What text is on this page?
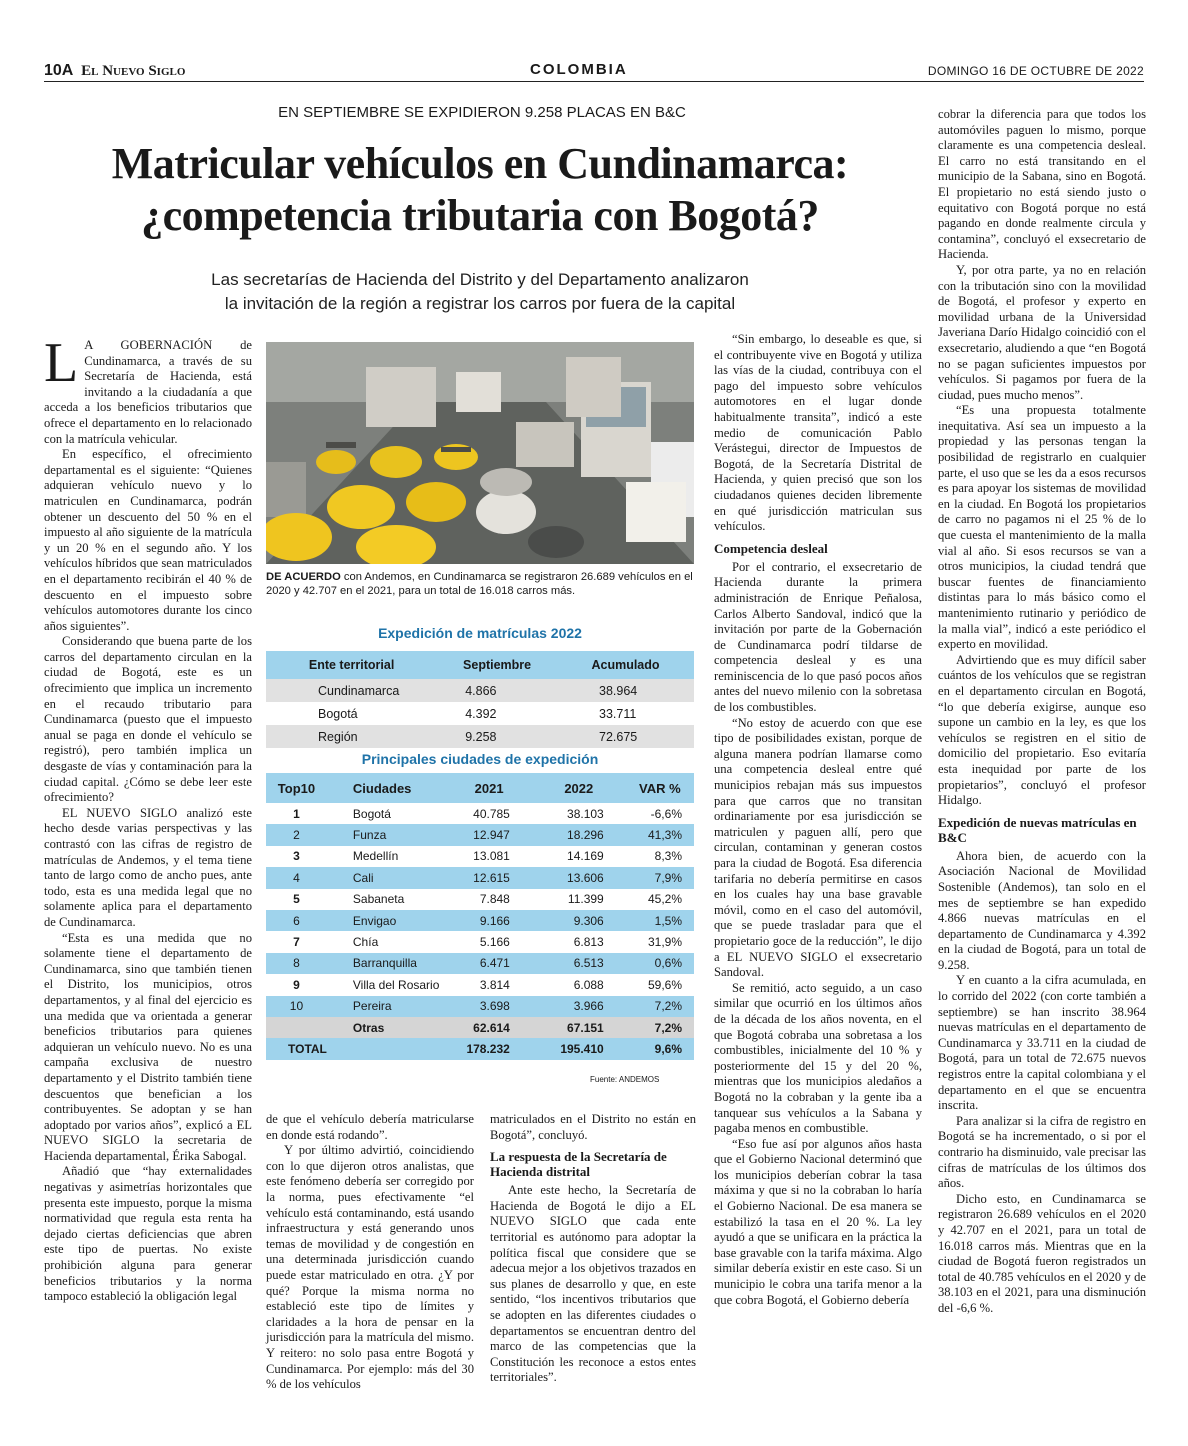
10A El Nuevo Siglo	COLOMBIA	DOMINGO 16 DE OCTUBRE DE 2022
EN SEPTIEMBRE SE EXPIDIERON 9.258 PLACAS EN B&C
Matricular vehículos en Cundinamarca:
¿competencia tributaria con Bogotá?
Las secretarías de Hacienda del Distrito y del Departamento analizaron
la invitación de la región a registrar los carros por fuera de la capital

L A GOBERNACIÓN de Cundinamarca, a través de su Secretaría de Hacienda, está invitando a la ciudadanía a que acceda a los beneficios tributarios que ofrece el departamento en lo relacionado con la matrícula vehicular.

En específico, el ofrecimiento departamental es el siguiente: “Quienes adquieran vehículo nuevo y lo matriculen en Cundinamarca, podrán obtener un descuento del 50 % en el impuesto al año siguiente de la matrícula y un 20 % en el segundo año. Y los vehículos híbridos que sean matriculados en el departamento recibirán el 40 % de descuento en el impuesto sobre vehículos automotores durante los cinco años siguientes”.

Considerando que buena parte de los carros del departamento circulan en la ciudad de Bogotá, este es un ofrecimiento que implica un incremento en el recaudo tributario para Cundinamarca (puesto que el impuesto anual se paga en donde el vehículo se registró), pero también implica un desgaste de vías y contaminación para la ciudad capital. ¿Cómo se debe leer este ofrecimiento?

EL NUEVO SIGLO analizó este hecho desde varias perspectivas y las contrastó con las cifras de registro de matrículas de Andemos, y el tema tiene tanto de largo como de ancho pues, ante todo, esta es una medida legal que no solamente aplica para el departamento de Cundinamarca.

“Esta es una medida que no solamente tiene el departamento de Cundinamarca, sino que también tienen el Distrito, los municipios, otros departamentos, y al final del ejercicio es una medida que va orientada a generar beneficios tributarios para quienes adquieran un vehículo nuevo. No es una campaña exclusiva de nuestro departamento y el Distrito también tiene descuentos que benefician a los contribuyentes. Se adoptan y se han adoptado por varios años”, explicó a EL NUEVO SIGLO la secretaria de Hacienda departamental, Érika Sabogal.

Añadió que “hay externalidades negativas y asimetrías horizontales que presenta este impuesto, porque la misma normatividad que regula esta renta ha dejado ciertas deficiencias que abren este tipo de puertas. No existe prohibición alguna para generar beneficios tributarios y la norma tampoco estableció la obligación legal

DE ACUERDO con Andemos, en Cundinamarca se registraron 26.689 vehículos en el 2020 y 42.707 en el 2021, para un total de 16.018 carros más.
Expedición de matrículas 2022
Ente territorial	Septiembre	Acumulado
Cundinamarca	4.866	38.964
Bogotá	4.392	33.711
Región	9.258	72.675
Principales ciudades de expedición
Top10	Ciudades	2021	2022	VAR %
1	Bogotá	40.785	38.103	-6,6%
2	Funza	12.947	18.296	41,3%
3	Medellín	13.081	14.169	8,3%
4	Cali	12.615	13.606	7,9%
5	Sabaneta	7.848	11.399	45,2%
6	Envigao	9.166	9.306	1,5%
7	Chía	5.166	6.813	31,9%
8	Barranquilla	6.471	6.513	0,6%
9	Villa del Rosario	3.814	6.088	59,6%
10	Pereira	3.698	3.966	7,2%
	Otras	62.614	67.151	7,2%
TOTAL		178.232	195.410	9,6%
Fuente: ANDEMOS

de que el vehículo debería matricularse en donde está rodando”.

Y por último advirtió, coincidiendo con lo que dijeron otros analistas, que este fenómeno debería ser corregido por la norma, pues efectivamente “el vehículo está contaminando, está usando infraestructura y está generando unos temas de movilidad y de congestión en una determinada jurisdicción cuando puede estar matriculado en otra. ¿Y por qué? Porque la misma norma no estableció este tipo de límites y claridades a la hora de pensar en la jurisdicción para la matrícula del mismo. Y reitero: no solo pasa entre Bogotá y Cundinamarca. Por ejemplo: más del 30 % de los vehículos

matriculados en el Distrito no están en Bogotá”, concluyó.

La respuesta de la Secretaría de Hacienda distrital

Ante este hecho, la Secretaría de Hacienda de Bogotá le dijo a EL NUEVO SIGLO que cada ente territorial es autónomo para adoptar la política fiscal que considere que se adecua mejor a los objetivos trazados en sus planes de desarrollo y que, en este sentido, “los incentivos tributarios que se adopten en las diferentes ciudades o departamentos se encuentran dentro del marco de las competencias que la Constitución les reconoce a estos entes territoriales”.

“Sin embargo, lo deseable es que, si el contribuyente vive en Bogotá y utiliza las vías de la ciudad, contribuya con el pago del impuesto sobre vehículos automotores en el lugar donde habitualmente transita”, indicó a este medio de comunicación Pablo Verástegui, director de Impuestos de Bogotá, de la Secretaría Distrital de Hacienda, y quien precisó que son los ciudadanos quienes deciden libremente en qué jurisdicción matriculan sus vehículos.

Competencia desleal

Por el contrario, el exsecretario de Hacienda durante la primera administración de Enrique Peñalosa, Carlos Alberto Sandoval, indicó que la invitación por parte de la Gobernación de Cundinamarca podrí tildarse de competencia desleal y es una reminiscencia de lo que pasó pocos años antes del nuevo milenio con la sobretasa de los combustibles.

“No estoy de acuerdo con que ese tipo de posibilidades existan, porque de alguna manera podrían llamarse como una competencia desleal entre qué municipios rebajan más sus impuestos para que carros que no transitan ordinariamente por esa jurisdicción se matriculen y paguen allí, pero que circulan, contaminan y generan costos para la ciudad de Bogotá. Esa diferencia tarifaria no debería permitirse en casos en los cuales hay una base gravable móvil, como en el caso del automóvil, que se puede trasladar para que el propietario goce de la reducción”, le dijo a EL NUEVO SIGLO el exsecretario Sandoval.

Se remitió, acto seguido, a un caso similar que ocurrió en los últimos años de la década de los años noventa, en el que Bogotá cobraba una sobretasa a los combustibles, inicialmente del 10 % y posteriormente del 15 y del 20 %, mientras que los municipios aledaños a Bogotá no la cobraban y la gente iba a tanquear sus vehículos a la Sabana y pagaba menos en combustible.

“Eso fue así por algunos años hasta que el Gobierno Nacional determinó que los municipios deberían cobrar la tasa máxima y que si no la cobraban lo haría el Gobierno Nacional. De esa manera se estabilizó la tasa en el 20 %. La ley ayudó a que se unificara en la práctica la base gravable con la tarifa máxima. Algo similar debería existir en este caso. Si un municipio le cobra una tarifa menor a la que cobra Bogotá, el Gobierno debería

cobrar la diferencia para que todos los automóviles paguen lo mismo, porque claramente es una competencia desleal. El carro no está transitando en el municipio de la Sabana, sino en Bogotá. El propietario no está siendo justo o equitativo con Bogotá porque no está pagando en donde realmente circula y contamina”, concluyó el exsecretario de Hacienda.

Y, por otra parte, ya no en relación con la tributación sino con la movilidad de Bogotá, el profesor y experto en movilidad urbana de la Universidad Javeriana Darío Hidalgo coincidió con el exsecretario, aludiendo a que “en Bogotá no se pagan suficientes impuestos por vehículos. Si pagamos por fuera de la ciudad, pues mucho menos”.

“Es una propuesta totalmente inequitativa. Así sea un impuesto a la propiedad y las personas tengan la posibilidad de registrarlo en cualquier parte, el uso que se les da a esos recursos es para apoyar los sistemas de movilidad en la ciudad. En Bogotá los propietarios de carro no pagamos ni el 25 % de lo que cuesta el mantenimiento de la malla vial al año. Si esos recursos se van a otros municipios, la ciudad tendrá que buscar fuentes de financiamiento distintas para lo más básico como el mantenimiento rutinario y periódico de la malla vial”, indicó a este periódico el experto en movilidad.

Advirtiendo que es muy difícil saber cuántos de los vehículos que se registran en el departamento circulan en Bogotá, “lo que debería exigirse, aunque eso supone un cambio en la ley, es que los vehículos se registren en el sitio de domicilio del propietario. Eso evitaría esta inequidad por parte de los propietarios”, concluyó el profesor Hidalgo.

Expedición de nuevas matrículas en B&C

Ahora bien, de acuerdo con la Asociación Nacional de Movilidad Sostenible (Andemos), tan solo en el mes de septiembre se han expedido 4.866 nuevas matrículas en el departamento de Cundinamarca y 4.392 en la ciudad de Bogotá, para un total de 9.258.

Y en cuanto a la cifra acumulada, en lo corrido del 2022 (con corte también a septiembre) se han inscrito 38.964 nuevas matrículas en el departamento de Cundinamarca y 33.711 en la ciudad de Bogotá, para un total de 72.675 nuevos registros entre la capital colombiana y el departamento en el que se encuentra inscrita.

Para analizar si la cifra de registro en Bogotá se ha incrementado, o si por el contrario ha disminuido, vale precisar las cifras de matrículas de los últimos dos años.

Dicho esto, en Cundinamarca se registraron 26.689 vehículos en el 2020 y 42.707 en el 2021, para un total de 16.018 carros más. Mientras que en la ciudad de Bogotá fueron registrados un total de 40.785 vehículos en el 2020 y de 38.103 en el 2021, para una disminución del -6,6 %.
